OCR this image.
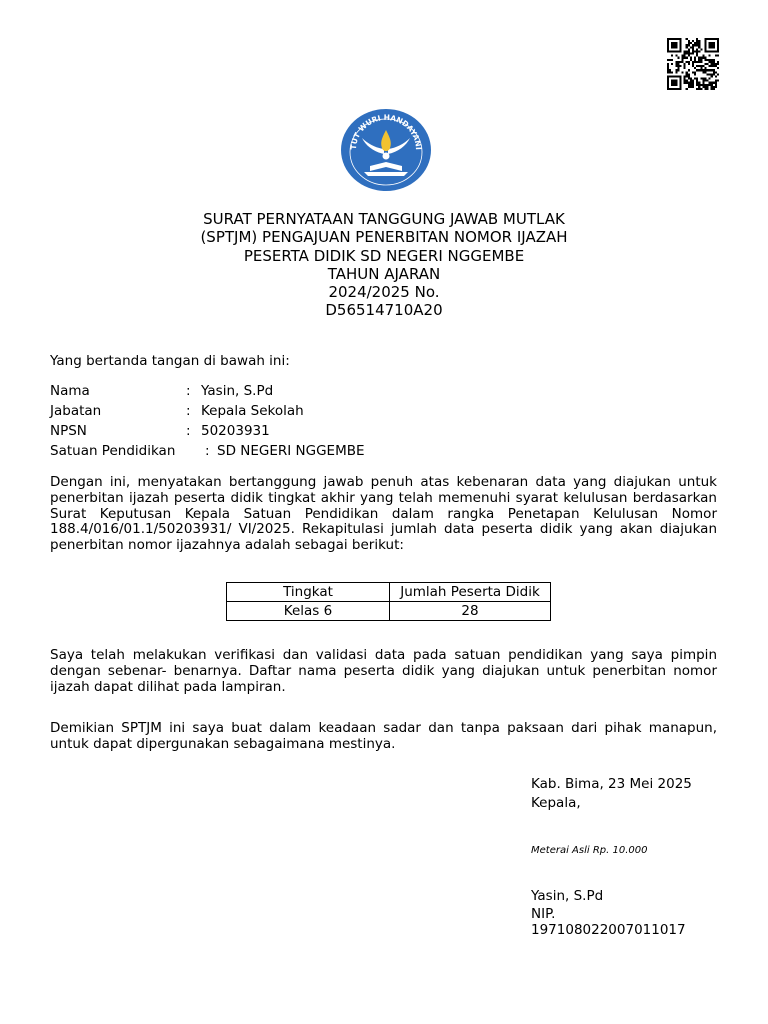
TUT WURI HANDAYANI
SURAT PERNYATAAN TANGGUNG JAWAB MUTLAK
(SPTJM) PENGAJUAN PENERBITAN NOMOR IJAZAH
PESERTA DIDIK SD NEGERI NGGEMBE
TAHUN AJARAN
2024/2025 No.
D56514710A20
Yang bertanda tangan di bawah ini:
Nama	: Yasin, S.Pd
Jabatan	: Kepala Sekolah
NPSN	: 50203931
Satuan Pendidikan : SD NEGERI NGGEMBE
Dengan ini, menyatakan bertanggung jawab penuh atas kebenaran data yang diajukan untuk penerbitan ijazah peserta didik tingkat akhir yang telah memenuhi syarat kelulusan berdasarkan Surat Keputusan Kepala Satuan Pendidikan dalam rangka Penetapan Kelulusan Nomor 188.4/016/01.1/50203931/ VI/2025. Rekapitulasi jumlah data peserta didik yang akan diajukan penerbitan nomor ijazahnya adalah sebagai berikut:
Tingkat	Jumlah Peserta Didik
Kelas 6	28
Saya telah melakukan verifikasi dan validasi data pada satuan pendidikan yang saya pimpin dengan sebenar- benarnya. Daftar nama peserta didik yang diajukan untuk penerbitan nomor ijazah dapat dilihat pada lampiran.
Demikian SPTJM ini saya buat dalam keadaan sadar dan tanpa paksaan dari pihak manapun, untuk dapat dipergunakan sebagaimana mestinya.
Kab. Bima, 23 Mei 2025
Kepala,
Meterai Asli Rp. 10.000
Yasin, S.Pd
NIP.
197108022007011017
